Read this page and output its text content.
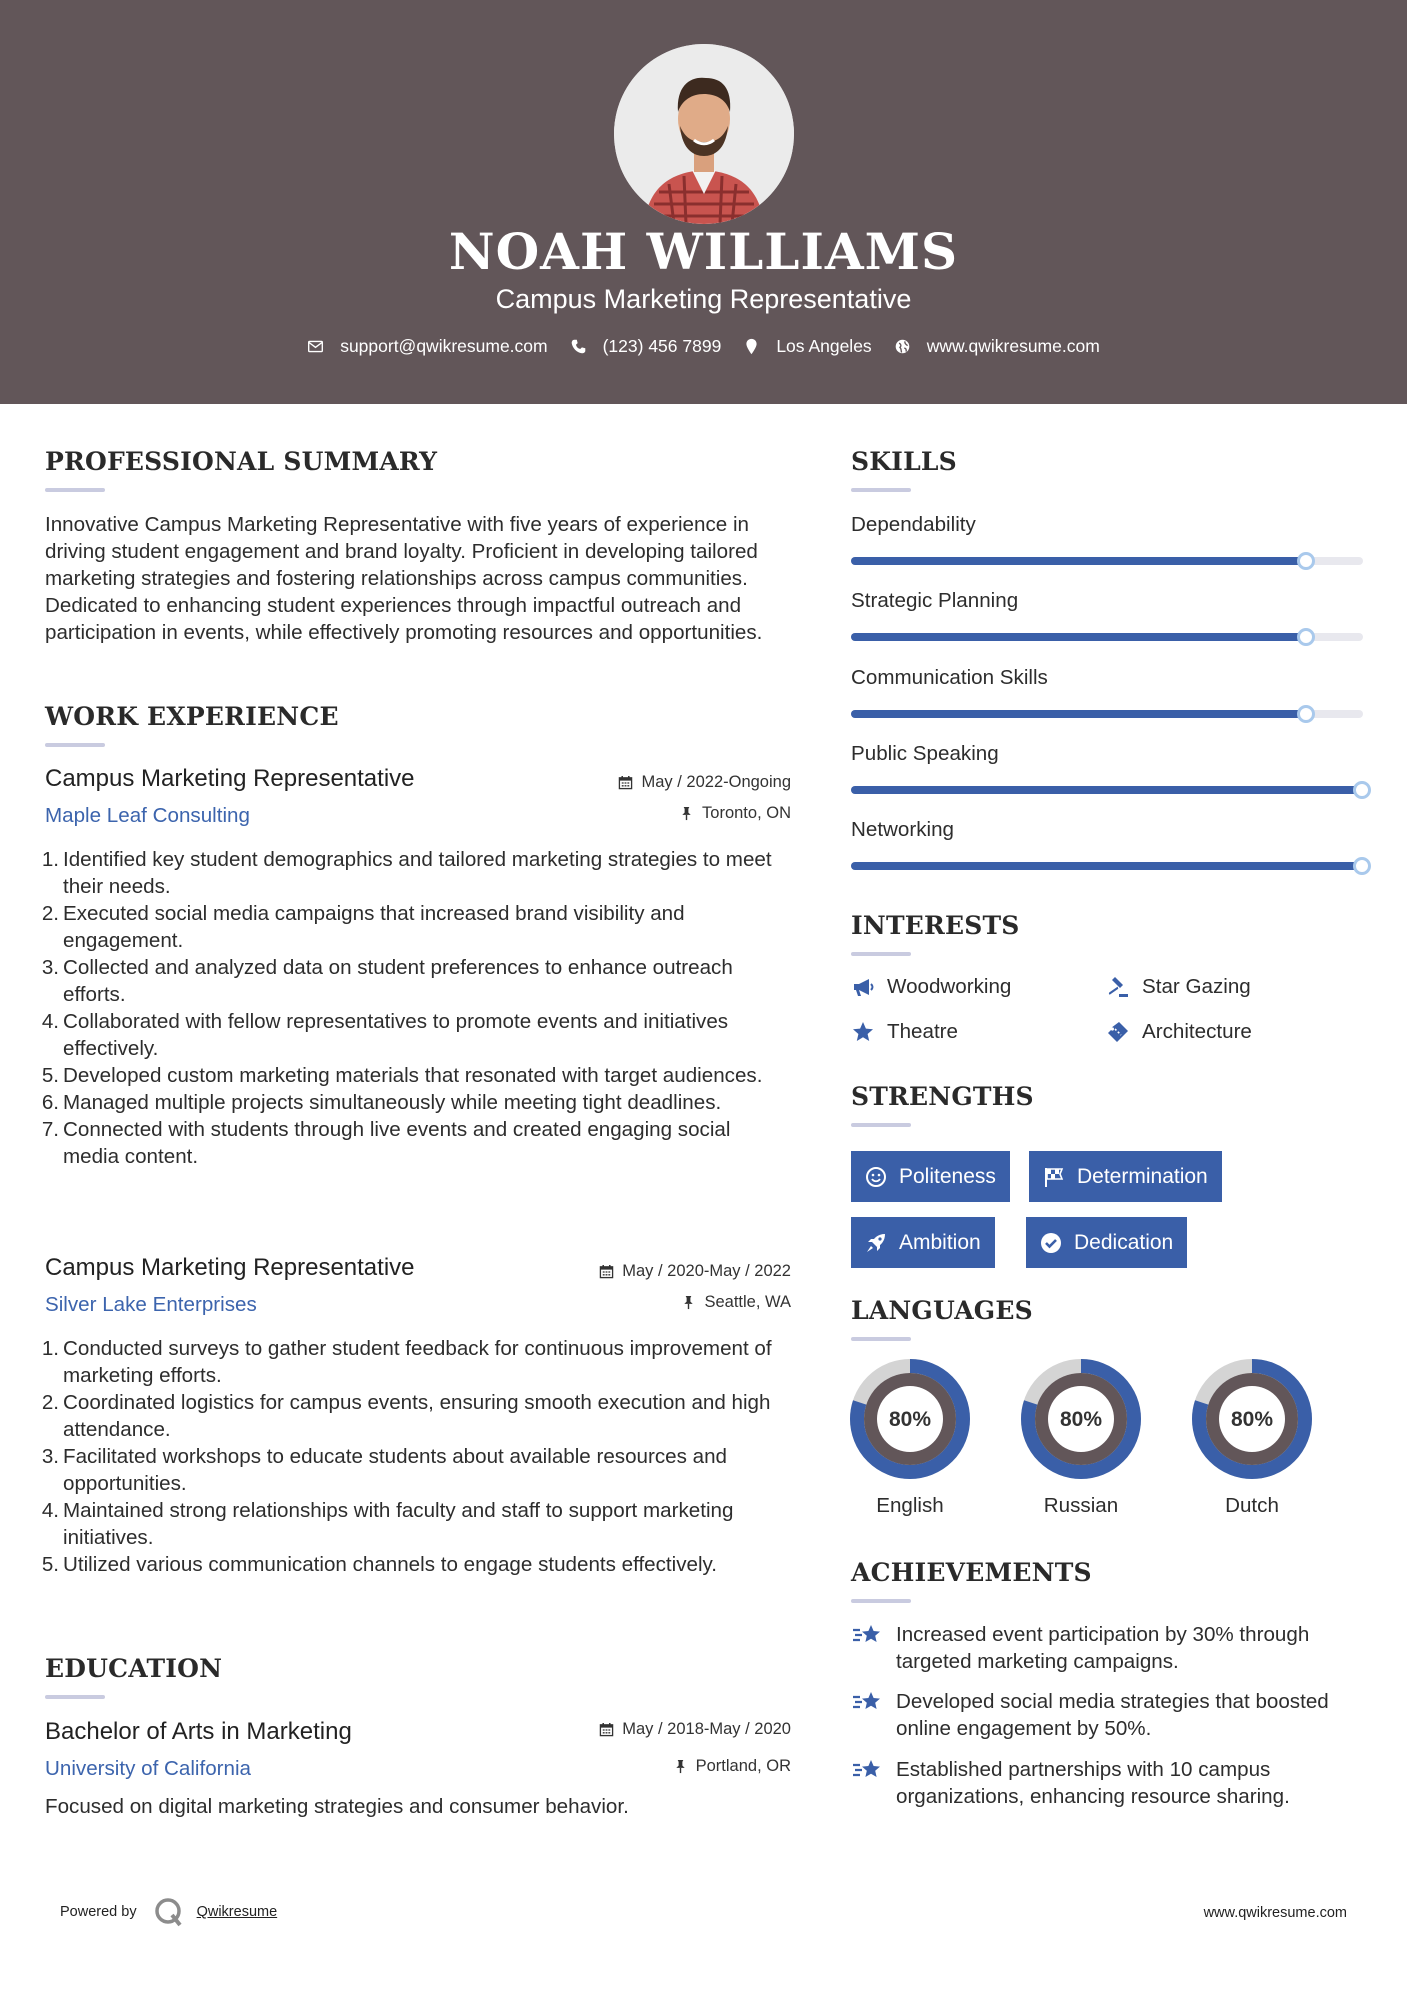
NOAH WILLIAMS
Campus Marketing Representative
support@qwikresume.com	(123) 456 7899	Los Angeles	www.qwikresume.com
PROFESSIONAL SUMMARY
Innovative Campus Marketing Representative with five years of experience in driving student engagement and brand loyalty. Proficient in developing tailored marketing strategies and fostering relationships across campus communities. Dedicated to enhancing student experiences through impactful outreach and participation in events, while effectively promoting resources and opportunities.
WORK EXPERIENCE
Campus Marketing Representative	May / 2022-Ongoing
Maple Leaf Consulting	Toronto, ON
1. Identified key student demographics and tailored marketing strategies to meet their needs.
2. Executed social media campaigns that increased brand visibility and engagement.
3. Collected and analyzed data on student preferences to enhance outreach efforts.
4. Collaborated with fellow representatives to promote events and initiatives effectively.
5. Developed custom marketing materials that resonated with target audiences.
6. Managed multiple projects simultaneously while meeting tight deadlines.
7. Connected with students through live events and created engaging social media content.
Campus Marketing Representative	May / 2020-May / 2022
Silver Lake Enterprises	Seattle, WA
1. Conducted surveys to gather student feedback for continuous improvement of marketing efforts.
2. Coordinated logistics for campus events, ensuring smooth execution and high attendance.
3. Facilitated workshops to educate students about available resources and opportunities.
4. Maintained strong relationships with faculty and staff to support marketing initiatives.
5. Utilized various communication channels to engage students effectively.
EDUCATION
Bachelor of Arts in Marketing	May / 2018-May / 2020
University of California	Portland, OR
Focused on digital marketing strategies and consumer behavior.
SKILLS
Dependability
Strategic Planning
Communication Skills
Public Speaking
Networking
INTERESTS
Woodworking	Star Gazing
Theatre	Architecture
STRENGTHS
Politeness	Determination
Ambition	Dedication
LANGUAGES
80%
English
80%
Russian
80%
Dutch
ACHIEVEMENTS
Increased event participation by 30% through targeted marketing campaigns.
Developed social media strategies that boosted online engagement by 50%.
Established partnerships with 10 campus organizations, enhancing resource sharing.
Powered by	Qwikresume	www.qwikresume.com
